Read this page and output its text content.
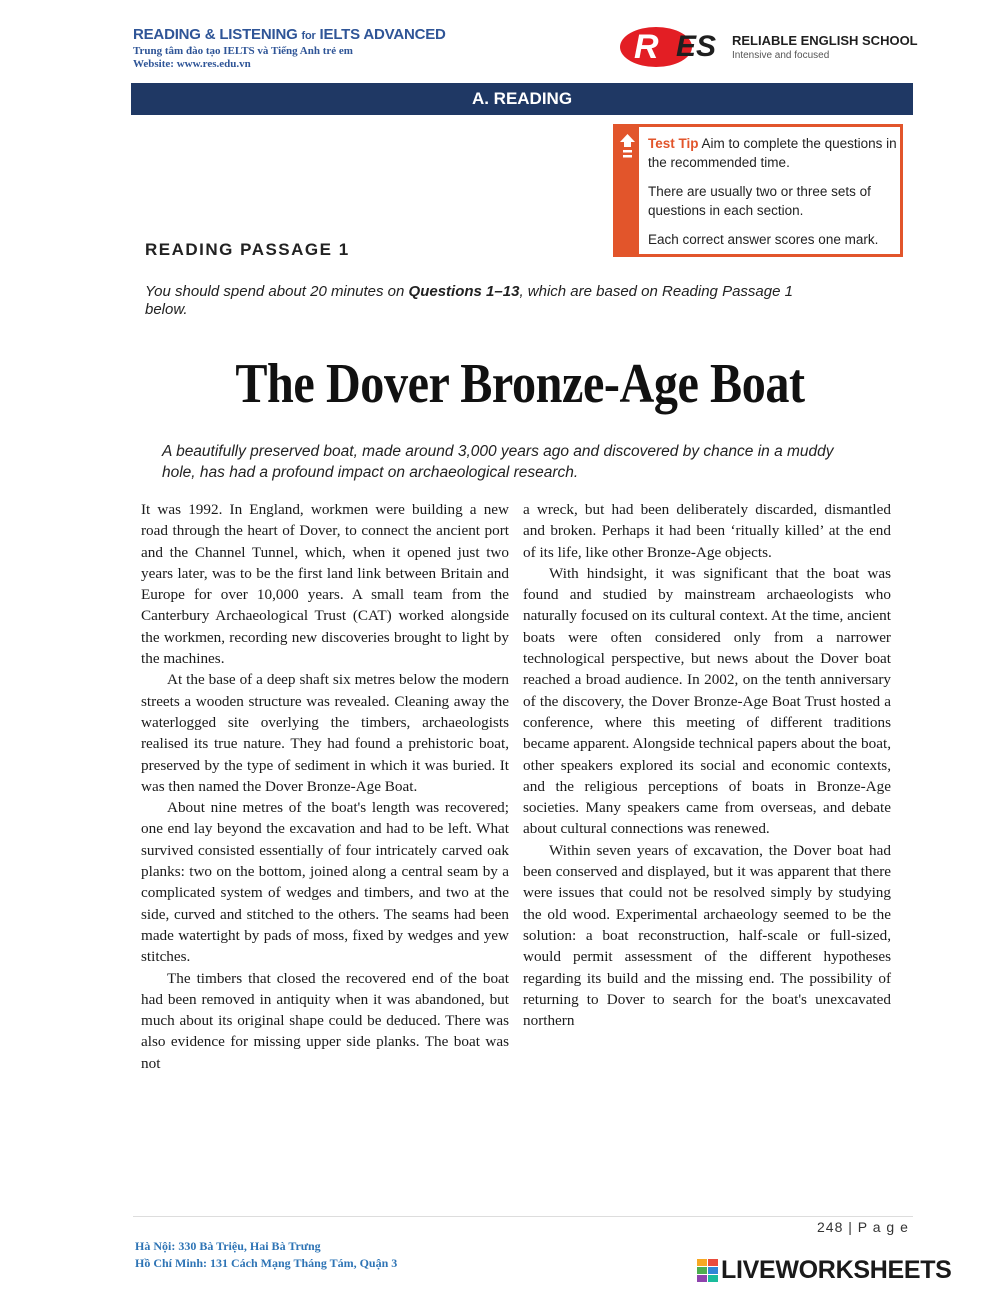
READING & LISTENING for IELTS ADVANCED
Trung tâm đào tạo IELTS và Tiếng Anh trẻ em
Website: www.res.edu.vn	R ES RELIABLE ENGLISH SCHOOL
Intensive and focused
A. READING

Test Tip Aim to complete the questions in the recommended time.

There are usually two or three sets of questions in each section.

Each correct answer scores one mark.

READING PASSAGE 1
You should spend about 20 minutes on Questions 1–13, which are based on Reading Passage 1 below.
The Dover Bronze-Age Boat
A beautifully preserved boat, made around 3,000 years ago and discovered by chance in a muddy hole, has had a profound impact on archaeological research.

It was 1992. In England, workmen were building a new road through the heart of Dover, to connect the ancient port and the Channel Tunnel, which, when it opened just two years later, was to be the first land link between Britain and Europe for over 10,000 years. A small team from the Canterbury Archaeological Trust (CAT) worked alongside the workmen, recording new discoveries brought to light by the machines.

At the base of a deep shaft six metres below the modern streets a wooden structure was revealed. Cleaning away the waterlogged site overlying the timbers, archaeologists realised its true nature. They had found a prehistoric boat, preserved by the type of sediment in which it was buried. It was then named the Dover Bronze-Age Boat.

About nine metres of the boat's length was recovered; one end lay beyond the excavation and had to be left. What survived consisted essentially of four intricately carved oak planks: two on the bottom, joined along a central seam by a complicated system of wedges and timbers, and two at the side, curved and stitched to the others. The seams had been made watertight by pads of moss, fixed by wedges and yew stitches.

The timbers that closed the recovered end of the boat had been removed in antiquity when it was abandoned, but much about its original shape could be deduced. There was also evidence for missing upper side planks. The boat was not

a wreck, but had been deliberately discarded, dismantled and broken. Perhaps it had been ‘ritually killed’ at the end of its life, like other Bronze-Age objects.

With hindsight, it was significant that the boat was found and studied by mainstream archaeologists who naturally focused on its cultural context. At the time, ancient boats were often considered only from a narrower technological perspective, but news about the Dover boat reached a broad audience. In 2002, on the tenth anniversary of the discovery, the Dover Bronze-Age Boat Trust hosted a conference, where this meeting of different traditions became apparent. Alongside technical papers about the boat, other speakers explored its social and economic contexts, and the religious perceptions of boats in Bronze-Age societies. Many speakers came from overseas, and debate about cultural connections was renewed.

Within seven years of excavation, the Dover boat had been conserved and displayed, but it was apparent that there were issues that could not be resolved simply by studying the old wood. Experimental archaeology seemed to be the solution: a boat reconstruction, half-scale or full-sized, would permit assessment of the different hypotheses regarding its build and the missing end. The possibility of returning to Dover to search for the boat's unexcavated northern

248 | P a g e
Hà Nội: 330 Bà Triệu, Hai Bà Trưng
Hồ Chí Minh: 131 Cách Mạng Tháng Tám, Quận 3	LIVEWORKSHEETS
